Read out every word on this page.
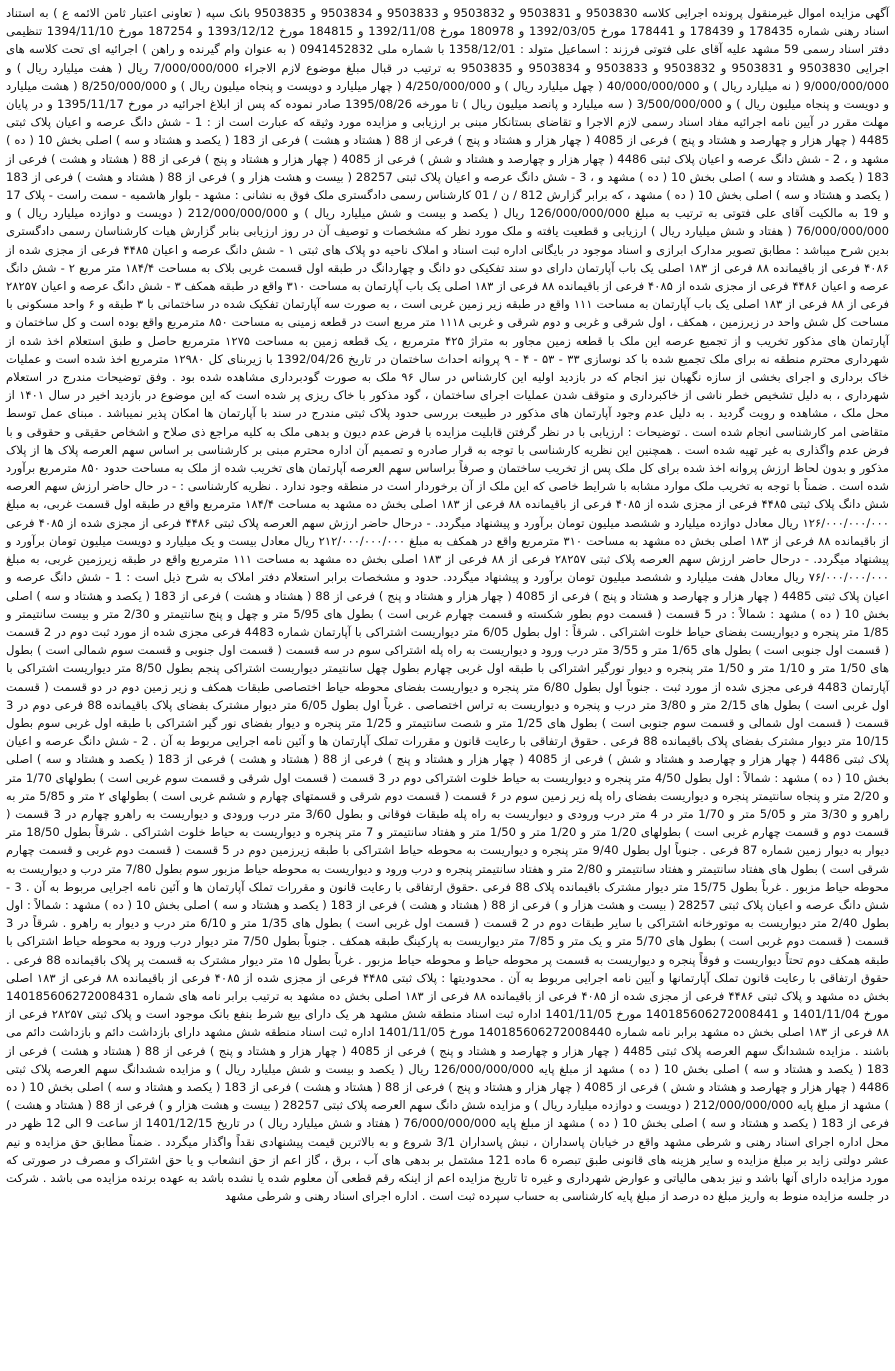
آگهی مزایده اموال غیرمنقول پرونده اجرایی کلاسه 9503830 و 9503831 و 9503832 و 9503833 و 9503834 و 9503835 بانک سپه ( تعاونی اعتبار ثامن الائمه ع ) به استناد اسناد رهنی شماره 178435 و 178439 و 178441 مورخ 1392/03/05 و 180978 مورخ 1392/11/08 و 184815 مورخ 1393/12/12 و 187254 مورخ 1394/11/10 تنظیمی دفتر اسناد رسمی 59 مشهد علیه آقای علی فتوتی فرزند : اسماعیل متولد : 1358/12/01 با شماره ملی 0941452832 ( به عنوان وام گیرنده و راهن ) اجرائیه ای تحت کلاسه های اجرایی 9503830 و 9503831 و 9503832 و 9503833 و 9503834 و 9503835 به ترتیب در قبال مبلغ موضوع لازم الاجراء 7/000/000/000 ریال ( هفت میلیارد ریال ) و 9/000/000/000 ( نه میلیارد ریال ) و 40/000/000/000 ( چهل میلیارد ریال ) و 4/250/000/000 ( چهار میلیارد و دویست و پنجاه میلیون ریال ) و 8/250/000/000 ( هشت میلیارد و دویست و پنجاه میلیون ریال ) و 3/500/000/000 ( سه میلیارد و پانصد میلیون ریال ) تا مورخه 1395/08/26 صادر نموده که پس از ابلاغ اجرائیه در مورخ 1395/11/17 و در پایان مهلت مقرر در آیین نامه اجرائیه مفاد اسناد رسمی لازم الاجرا و تقاضای بستانکار مبنی بر ارزیابی و مزایده مورد وثیقه که عبارت است از : 1 - شش دانگ عرصه و اعیان پلاک ثبتی 4485 ( چهار هزار و چهارصد و هشتاد و پنج ) فرعی از 4085 ( چهار هزار و هشتاد و پنج ) فرعی از 88 ( هشتاد و هشت ) فرعی از 183 ( یکصد و هشتاد و سه ) اصلی بخش 10 ( ده ) مشهد و ، 2 - شش دانگ عرصه و اعیان پلاک ثبتی 4486 ( چهار هزار و چهارصد و هشتاد و شش ) فرعی از 4085 ( چهار هزار و هشتاد و پنج ) فرعی از 88 ( هشتاد و هشت ) فرعی از 183 ( یکصد و هشتاد و سه ) اصلی بخش 10 ( ده ) مشهد و ، 3 - شش دانگ عرصه و اعیان پلاک ثبتی 28257 ( بیست و هشت هزار و ) فرعی از 88 ( هشتاد و هشت ) فرعی از 183 ( یکصد و هشتاد و سه ) اصلی بخش 10 ( ده ) مشهد ، که برابر گزارش 812 / ن / 01 کارشناس رسمی دادگستری ملک فوق به نشانی : مشهد - بلوار هاشمیه - سمت راست - پلاک 17 و 19 به مالکیت آقای علی فتوتی به ترتیب به مبلغ 126/000/000/000 ریال ( یکصد و بیست و شش میلیارد ریال ) و 212/000/000/000 ( دویست و دوازده میلیارد ریال ) و 76/000/000/000 ( هفتاد و شش میلیارد ریال ) ارزیابی و قطعیت یافته و ملک مورد نظر که مشخصات و توصیف آن در روز ارزیابی بنابر گزارش هیات کارشناسان رسمی دادگستری بدین شرح میباشد : مطابق تصویر مدارک ابرازی و اسناد موجود در بایگانی اداره ثبت اسناد و املاک ناحیه دو پلاک های ثبتی ۱ - شش دانگ عرصه و اعیان ۴۴۸۵ فرعی از مجزی شده از ۴۰۸۶ فرعی از باقیمانده ۸۸ فرعی از ۱۸۳ اصلی یک باب آپارتمان دارای دو سند تفکیکی دو دانگ و چهاردانگ در طبقه اول قسمت غربی بلاک به مساحت ۱۸۴/۴ متر مربع ۲ - شش دانگ عرصه و اعیان ۴۴۸۶ فرعی از مجزی شده از ۴۰۸۵ فرعی از باقیمانده ۸۸ فرعی از ۱۸۳ اصلی یک باب آپارتمان به مساحت ۳۱۰ واقع در طبقه همکف ۳ - شش دانگ عرصه و اعیان ۲۸۲۵۷ فرعی از ۸۸ فرعی از ۱۸۳ اصلی یک باب آپارتمان به مساحت ۱۱۱ واقع در طبقه زیر زمین غربی است ، به صورت سه آپارتمان تفکیک شده در ساختمانی با ۳ طبقه و ۶ واحد مسکونی با مساحت کل شش واحد در زیرزمین ، همکف ، اول شرقی و غربی و دوم شرقی و غربی ۱۱۱۸ متر مربع است در قطعه زمینی به مساحت ۸۵۰ مترمربع واقع بوده است و کل ساختمان و آپارتمان های مذکور تخریب و از تجمیع عرصه این ملک با قطعه زمین مجاور به متراژ ۴۲۵ مترمربع ، یک قطعه زمین به مساحت ۱۲۷۵ مترمربع حاصل و طبق استعلام اخذ شده از شهرداری محترم منطقه نه برای ملک تجمیع شده با کد نوسازی ۳۳ - ۵۳ - ۴ - ۹ پروانه احداث ساختمان در تاریخ 1392/04/26 با زیربنای کل ۱۲۹۸۰ مترمربع اخذ شده است و عملیات خاک برداری و اجرای بخشی از سازه نگهبان نیز انجام که در بازدید اولیه این کارشناس در سال ۹۶ ملک به صورت گودبرداری مشاهده شده بود . وفق توضیحات مندرج در استعلام شهرداری ، به دلیل تشخیص خطر ناشی از خاکبرداری و متوقف شدن عملیات اجرای ساختمان ، گود مذکور با خاک ریزی پر شده است که این موضوع در بازدید اخیر در سال ۱۴۰۱ از محل ملک ، مشاهده و رویت گردید . به دلیل عدم وجود آپارتمان های مذکور در طبیعت بررسی حدود پلاک ثبتی مندرج در سند با آپارتمان ها امکان پذیر نمیباشد . مبنای عمل توسط متقاضی امر کارشناسی انجام شده است . توضیحات : ارزیابی با در نظر گرفتن قابلیت مزایده با فرض عدم دیون و بدهی ملک به کلیه مراجع ذی صلاح و اشخاص حقیقی و حقوقی و با فرض عدم واگذاری به غیر تهیه شده است . همچنین این نظریه کارشناسی با توجه به قرار صادره و تصمیم آن اداره محترم مبنی بر کارشناسی بر اساس سهم العرصه پلاک ها از پلاک مذکور و بدون لحاظ ارزش پروانه اخذ شده برای کل ملک پس از تخریب ساختمان و صرفاً براساس سهم العرصه آپارتمان های تخریب شده از ملک به مساحت حدود ۸۵۰ مترمربع برآورد شده است . ضمناً با توجه به تخریب ملک موارد مشابه با شرایط خاصی که این ملک از آن برخوردار است در منطقه وجود ندارد . نظریه کارشناسی : - در حال حاضر ارزش سهم العرصه شش دانگ پلاک ثبتی ۴۴۸۵ فرعی از مجزی شده از ۴۰۸۵ فرعی از باقیمانده ۸۸ فرعی از ۱۸۳ اصلی بخش ده مشهد به مساحت ۱۸۴/۴ مترمربع واقع در طبقه اول قسمت غربی، به مبلغ ۱۲۶/۰۰۰/۰۰۰/۰۰۰ ریال معادل دوازده میلیارد و ششصد میلیون تومان برآورد و پیشنهاد میگردد. - درحال حاضر ارزش سهم العرصه پلاک ثبتی ۴۴۸۶ فرعی از مجزی شده از ۴۰۸۵ فرعی از باقیمانده ۸۸ فرعی از ۱۸۳ اصلی بخش ده مشهد به مساحت ۳۱۰ مترمربع واقع در همکف به مبلغ ۲۱۲/۰۰۰/۰۰۰/۰۰۰ ریال معادل بیست و یک میلیارد و دویست میلیون تومان برآورد و پیشنهاد میگردد. - درحال حاضر ارزش سهم العرصه پلاک ثبتی ۲۸۲۵۷ فرعی از ۸۸ فرعی از ۱۸۳ اصلی بخش ده مشهد به مساحت ۱۱۱ مترمربع واقع در طبقه زیرزمین غربی، به مبلغ ۷۶/۰۰۰/۰۰۰/۰۰۰ ریال معادل هفت میلیارد و ششصد میلیون تومان برآورد و پیشنهاد میگردد. حدود و مشخصات برابر استعلام دفتر املاک به شرح ذیل است : 1 - شش دانگ عرصه و اعیان پلاک ثبتی 4485 ( چهار هزار و چهارصد و هشتاد و پنج ) فرعی از 4085 ( چهار هزار و هشتاد و پنج ) فرعی از 88 ( هشتاد و هشت ) فرعی از 183 ( یکصد و هشتاد و سه ) اصلی بخش 10 ( ده ) مشهد : شمالاً : در 5 قسمت ( قسمت دوم بطور شکسته و قسمت چهارم غربی است ) بطول های 5/95 متر و چهل و پنج سانتیمتر و 2/30 متر و بیست سانتیمتر و 1/85 متر پنجره و دیواریست بفضای حیاط خلوت اشتراکی . شرقاً : اول بطول 6/05 متر دیواریست اشتراکی با آپارتمان شماره 4483 فرعی مجزی شده از مورد ثبت دوم در 2 قسمت ( قسمت اول جنوبی است ) بطول های 1/65 متر و 3/55 متر درب ورود و دیواریست به راه پله اشتراکی سوم در سه قسمت ( قسمت اول جنوبی و قسمت سوم شمالی است ) بطول های 1/50 متر و 1/10 متر و 1/50 متر پنجره و دیوار نورگیر اشتراکی با طبقه اول غربی چهارم بطول چهل سانتیمتر دیواریست اشتراکی پنجم بطول 8/50 متر دیواریست اشتراکی با آپارتمان 4483 فرعی مجزی شده از مورد ثبت . جنوباً اول بطول 6/80 متر پنجره و دیواریست بفضای محوطه حیاط اختصاصی طبقات همکف و زیر زمین دوم در دو قسمت ( قسمت اول غربی است ) بطول های 2/15 متر و 3/80 متر درب و پنجره و دیواریست به تراس اختصاصی . غرباً اول بطول 6/05 متر دیوار مشترک بفضای پلاک باقیمانده 88 فرعی دوم در 3 قسمت ( قسمت اول شمالی و قسمت سوم جنوبی است ) بطول های 1/25 متر و شصت سانتیمتر و 1/25 متر پنجره و دیوار بفضای نور گیر اشتراکی با طبقه اول غربی سوم بطول 10/15 متر دیوار مشترک بفضای پلاک باقیمانده 88 فرعی . حقوق ارتفاقی با رعایت قانون و مقررات تملک آپارتمان ها و آئین نامه اجرایی مربوط به آن . 2 - شش دانگ عرصه و اعیان پلاک ثبتی 4486 ( چهار هزار و چهارصد و هشتاد و شش ) فرعی از 4085 ( چهار هزار و هشتاد و پنج ) فرعی از 88 ( هشتاد و هشت ) فرعی از 183 ( یکصد و هشتاد و سه ) اصلی بخش 10 ( ده ) مشهد : شمالاً : اول بطول 4/50 متر پنجره و دیواریست به حیاط خلوت اشتراکی دوم در 3 قسمت ( قسمت اول شرقی و قسمت سوم غربی است ) بطولهای 1/70 متر و 2/20 متر و پنجاه سانتیمتر پنجره و دیواریست بفضای راه پله زیر زمین سوم در ۶ قسمت ( قسمت دوم شرقی و قسمتهای چهارم و ششم غربی است ) بطولهای ۲ متر و 5/85 متر به راهرو و 3/30 متر و 5/05 متر و 1/70 متر در 4 متر درب ورودی و دیواریست به راه پله طبقات فوقانی و بطول 3/60 متر درب ورودی و دیواریست به راهرو چهارم در 3 قسمت ( قسمت دوم و قسمت چهارم غربی است ) بطولهای 1/20 متر و 1/20 متر و 1/50 متر و هفتاد سانتیمتر و 7 متر پنجره و دیواریست به حیاط خلوت اشتراکی . شرقاً بطول 18/50 متر دیوار به دیوار زمین شماره 87 فرعی . جنوباً اول بطول 9/40 متر پنجره و دیواریست به محوطه حیاط اشتراکی با طبقه زیرزمین دوم در 5 قسمت ( قسمت دوم غربی و قسمت چهارم شرقی است ) بطول های هفتاد سانتیمتر و هفتاد سانتیمتر و 2/80 متر و هفتاد سانتیمتر پنجره و درب ورود و دیواریست به محوطه حیاط مزبور سوم بطول 7/80 متر درب و دیواریست به محوطه حیاط مزبور . غرباً بطول 15/75 متر دیوار مشترک باقیمانده پلاک 88 فرعی .حقوق ارتفاقی با رعایت قانون و مقررات تملک آپارتمان ها و آئین نامه اجرایی مربوط به آن . 3 - شش دانگ عرصه و اعیان پلاک ثبتی 28257 ( بیست و هشت هزار و ) فرعی از 88 ( هشتاد و هشت ) فرعی از 183 ( یکصد و هشتاد و سه ) اصلی بخش 10 ( ده ) مشهد : شمالاً : اول بطول 2/40 متر دیواریست به موتورخانه اشتراکی با سایر طبقات دوم در 2 قسمت ( قسمت اول غربی است ) بطول های 1/35 متر و 6/10 متر درب و دیوار به راهرو . شرقاً در 3 قسمت ( قسمت دوم غربی است ) بطول های 5/70 متر و یک متر و 7/85 متر دیواریست به پارکینگ طبقه همکف . جنوباً بطول 7/50 متر دیوار درب ورود به محوطه حیاط اشتراکی با طبقه همکف دوم تحتاً دیواریست و فوقاً پنجره و دیواریست به قسمت پر محوطه حیاط و محوطه حیاط مزبور . غرباً بطول ۱۵ متر دیوار مشترک به قسمت پر پلاک باقیمانده 88 فرعی . حقوق ارتفاقی با رعایت قانون تملک آپارتمانها و آیین نامه اجرایی مربوط به آن . محدودیتها : پلاک ثبتی ۴۴۸۵ فرعی از مجزی شده از ۴۰۸۵ فرعی از باقیمانده ۸۸ فرعی از ۱۸۳ اصلی بخش ده مشهد و پلاک ثبتی ۴۴۸۶ فرعی از مجزی شده از ۴۰۸۵ فرعی از باقیمانده ۸۸ فرعی از ۱۸۳ اصلی بخش ده مشهد به ترتیب برابر نامه های شماره 140185606272008431 مورخ 1401/11/04 و 140185606272008441 مورخ 1401/11/05 اداره ثبت اسناد منطقه شش مشهد هر یک دارای بیع شرط بنفع بانک موجود است و پلاک ثبتی ۲۸۲۵۷ فرعی از ۸۸ فرعی از ۱۸۳ اصلی بخش ده مشهد برابر نامه شماره 140185606272008440 مورخ 1401/11/05 اداره ثبت اسناد منطقه شش مشهد دارای بازداشت دائم و بازداشت دائم می باشند . مزایده ششدانگ سهم العرصه پلاک ثبتی 4485 ( چهار هزار و چهارصد و هشتاد و پنج ) فرعی از 4085 ( چهار هزار و هشتاد و پنج ) فرعی از 88 ( هشتاد و هشت ) فرعی از 183 ( یکصد و هشتاد و سه ) اصلی بخش 10 ( ده ) مشهد از مبلغ پایه 126/000/000/000 ریال ( یکصد و بیست و شش میلیارد ریال ) و مزایده ششدانگ سهم العرصه پلاک ثبتی 4486 ( چهار هزار و چهارصد و هشتاد و شش ) فرعی از 4085 ( چهار هزار و هشتاد و پنج ) فرعی از 88 ( هشتاد و هشت ) فرعی از 183 ( یکصد و هشتاد و سه ) اصلی بخش 10 ( ده ) مشهد از مبلغ پایه 212/000/000/000 ( دویست و دوازده میلیارد ریال ) و مزایده شش دانگ سهم العرصه پلاک ثبتی 28257 ( بیست و هشت هزار و ) فرعی از 88 ( هشتاد و هشت ) فرعی از 183 ( یکصد و هشتاد و سه ) اصلی بخش 10 ( ده ) مشهد از مبلغ پایه 76/000/000/000 ( هفتاد و شش میلیارد ریال ) در تاریخ 1401/12/15 از ساعت 9 الی 12 ظهر در محل اداره اجرای اسناد رهنی و شرطی مشهد واقع در خیابان پاسداران ، نبش پاسداران 3/1 شروع و به بالاترین قیمت پیشنهادی نقداً واگذار میگردد . ضمناً مطابق حق مزایده و نیم عشر دولتی زاید بر مبلغ مزایده و سایر هزینه های قانونی طبق تبصره 6 ماده 121 مشتمل بر بدهی های آب ، برق ، گاز اعم از حق انشعاب و یا حق اشتراک و مصرف در صورتی که مورد مزایده دارای آنها باشد و نیز بدهی مالیاتی و عوارض شهرداری و غیره تا تاریخ مزایده اعم از اینکه رقم قطعی آن معلوم شده یا نشده باشد به عهده برنده مزایده می باشد . شرکت در جلسه مزایده منوط به واریز مبلغ ده درصد از مبلغ پایه کارشناسی به حساب سپرده ثبت است . اداره اجرای اسناد رهنی و شرطی مشهد
